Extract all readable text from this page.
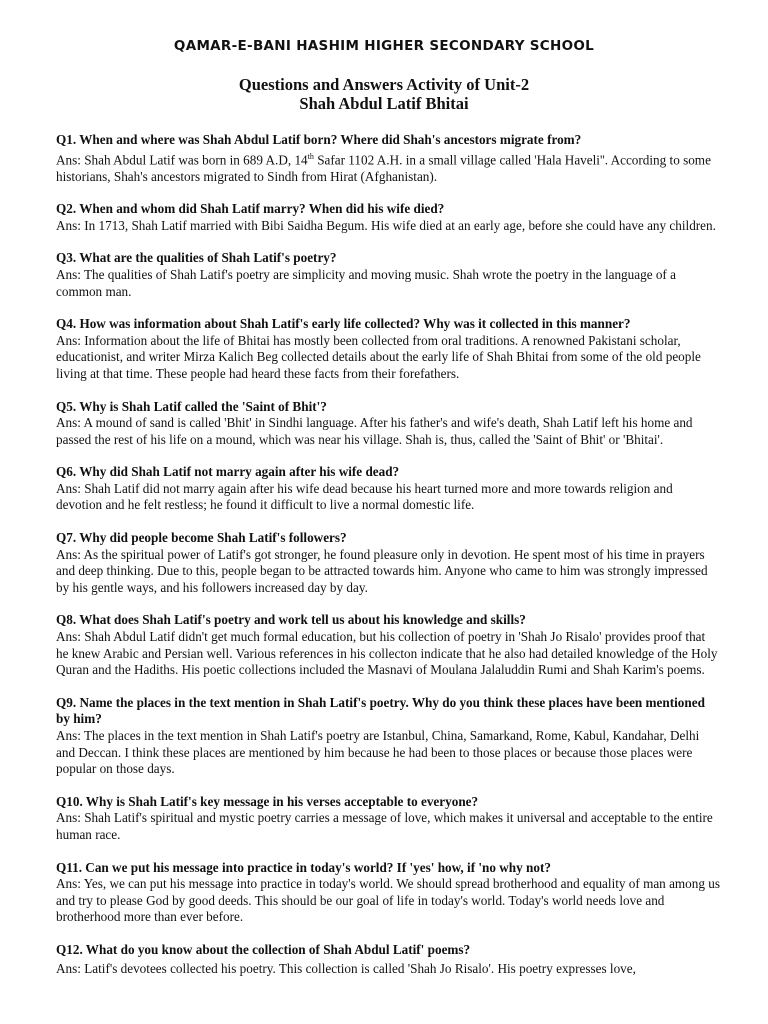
QAMAR-E-BANI HASHIM HIGHER SECONDARY SCHOOL
Questions and Answers Activity of Unit-2
Shah Abdul Latif Bhitai
Q1. When and where was Shah Abdul Latif born? Where did Shah's ancestors migrate from?
Ans: Shah Abdul Latif was born in 689 A.D, 14th Safar 1102 A.H. in a small village called 'Hala Haveli''. According to some historians, Shah's ancestors migrated to Sindh from Hirat (Afghanistan).
Q2. When and whom did Shah Latif marry? When did his wife died?
Ans: In 1713, Shah Latif married with Bibi Saidha Begum. His wife died at an early age, before she could have any children.
Q3. What are the qualities of Shah Latif's poetry?
Ans: The qualities of Shah Latif's poetry are simplicity and moving music. Shah wrote the poetry in the language of a common man.
Q4. How was information about Shah Latif's early life collected? Why was it collected in this manner?
Ans: Information about the life of Bhitai has mostly been collected from oral traditions. A renowned Pakistani scholar, educationist, and writer Mirza Kalich Beg collected details about the early life of Shah Bhitai from some of the old people living at that time. These people had heard these facts from their forefathers.
Q5. Why is Shah Latif called the 'Saint of Bhit'?
Ans: A mound of sand is called 'Bhit' in Sindhi language. After his father's and wife's death, Shah Latif left his home and passed the rest of his life on a mound, which was near his village. Shah is, thus, called the 'Saint of Bhit' or 'Bhitai'.
Q6. Why did Shah Latif not marry again after his wife dead?
Ans: Shah Latif did not marry again after his wife dead because his heart turned more and more towards religion and devotion and he felt restless; he found it difficult to live a normal domestic life.
Q7. Why did people become Shah Latif's followers?
Ans: As the spiritual power of Latif's got stronger, he found pleasure only in devotion. He spent most of his time in prayers and deep thinking. Due to this, people began to be attracted towards him. Anyone who came to him was strongly impressed by his gentle ways, and his followers increased day by day.
Q8. What does Shah Latif's poetry and work tell us about his knowledge and skills?
Ans: Shah Abdul Latif didn't get much formal education, but his collection of poetry in 'Shah Jo Risalo' provides proof that he knew Arabic and Persian well. Various references in his collecton indicate that he also had detailed knowledge of the Holy Quran and the Hadiths. His poetic collections included the Masnavi of Moulana Jalaluddin Rumi and Shah Karim's poems.
Q9. Name the places in the text mention in Shah Latif's poetry. Why do you think these places have been mentioned by him?
Ans: The places in the text mention in Shah Latif's poetry are Istanbul, China, Samarkand, Rome, Kabul, Kandahar, Delhi and Deccan. I think these places are mentioned by him because he had been to those places or because those places were popular on those days.
Q10. Why is Shah Latif's key message in his verses acceptable to everyone?
Ans: Shah Latif's spiritual and mystic poetry carries a message of love, which makes it universal and acceptable to the entire human race.
Q11. Can we put his message into practice in today's world? If 'yes' how, if 'no why not?
Ans: Yes, we can put his message into practice in today's world. We should spread brotherhood and equality of man among us and try to please God by good deeds. This should be our goal of life in today's world. Today's world needs love and brotherhood more than ever before.
Q12. What do you know about the collection of Shah Abdul Latif' poems?
Ans: Latif's devotees collected his poetry. This collection is called 'Shah Jo Risalo'. His poetry expresses love,
